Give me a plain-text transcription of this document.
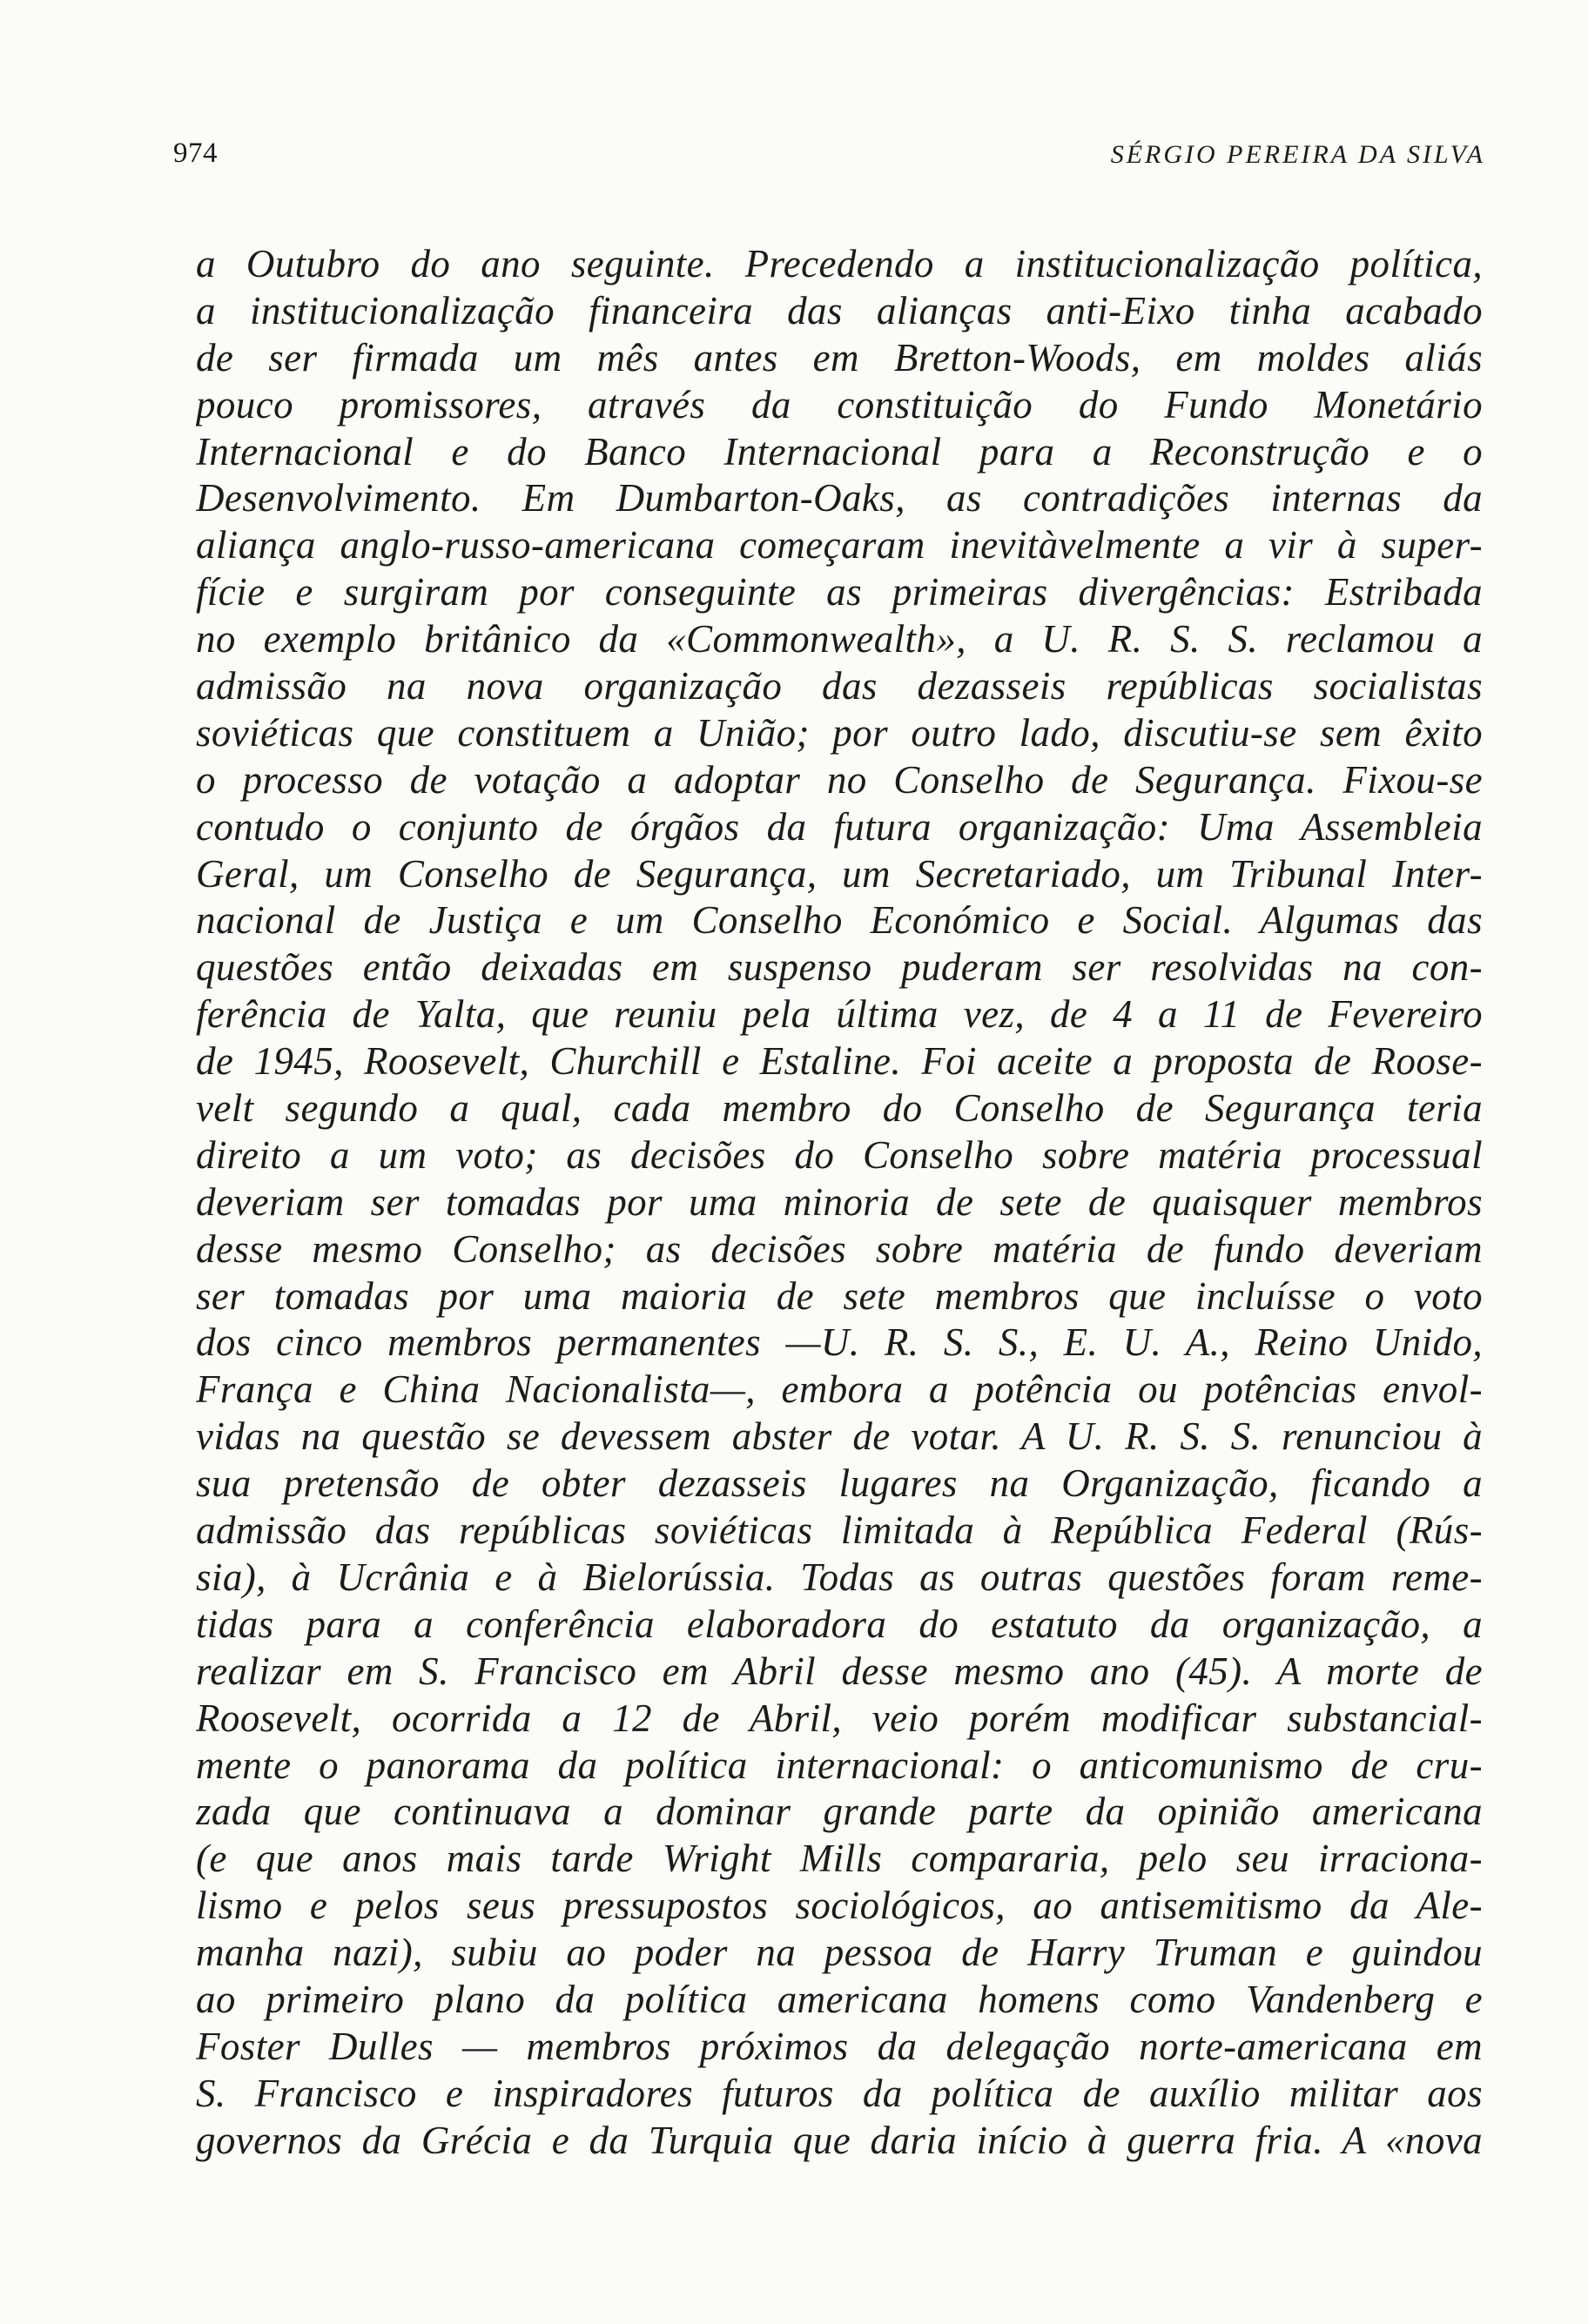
974	SÉRGIO PEREIRA DA SILVA
a Outubro do ano seguinte. Precedendo a institucionalização política,
a institucionalização financeira das alianças anti-Eixo tinha acabado
de ser firmada um mês antes em Bretton-Woods, em moldes aliás
pouco promissores, através da constituição do Fundo Monetário
Internacional e do Banco Internacional para a Reconstrução e o
Desenvolvimento. Em Dumbarton-Oaks, as contradições internas da
aliança anglo-russo-americana começaram inevitàvelmente a vir à super-
fície e surgiram por conseguinte as primeiras divergências: Estribada
no exemplo britânico da «Commonwealth», a U. R. S. S. reclamou a
admissão na nova organização das dezasseis repúblicas socialistas
soviéticas que constituem a União; por outro lado, discutiu-se sem êxito
o processo de votação a adoptar no Conselho de Segurança. Fixou-se
contudo o conjunto de órgãos da futura organização: Uma Assembleia
Geral, um Conselho de Segurança, um Secretariado, um Tribunal Inter-
nacional de Justiça e um Conselho Económico e Social. Algumas das
questões então deixadas em suspenso puderam ser resolvidas na con-
ferência de Yalta, que reuniu pela última vez, de 4 a 11 de Fevereiro
de 1945, Roosevelt, Churchill e Estaline. Foi aceite a proposta de Roose-
velt segundo a qual, cada membro do Conselho de Segurança teria
direito a um voto; as decisões do Conselho sobre matéria processual
deveriam ser tomadas por uma minoria de sete de quaisquer membros
desse mesmo Conselho; as decisões sobre matéria de fundo deveriam
ser tomadas por uma maioria de sete membros que incluísse o voto
dos cinco membros permanentes —U. R. S. S., E. U. A., Reino Unido,
França e China Nacionalista—, embora a potência ou potências envol-
vidas na questão se devessem abster de votar. A U. R. S. S. renunciou à
sua pretensão de obter dezasseis lugares na Organização, ficando a
admissão das repúblicas soviéticas limitada à República Federal (Rús-
sia), à Ucrânia e à Bielorússia. Todas as outras questões foram reme-
tidas para a conferência elaboradora do estatuto da organização, a
realizar em S. Francisco em Abril desse mesmo ano (45). A morte de
Roosevelt, ocorrida a 12 de Abril, veio porém modificar substancial-
mente o panorama da política internacional: o anticomunismo de cru-
zada que continuava a dominar grande parte da opinião americana
(e que anos mais tarde Wright Mills compararia, pelo seu irraciona-
lismo e pelos seus pressupostos sociológicos, ao antisemitismo da Ale-
manha nazi), subiu ao poder na pessoa de Harry Truman e guindou
ao primeiro plano da política americana homens como Vandenberg e
Foster Dulles — membros próximos da delegação norte-americana em
S. Francisco e inspiradores futuros da política de auxílio militar aos
governos da Grécia e da Turquia que daria início à guerra fria. A «nova
